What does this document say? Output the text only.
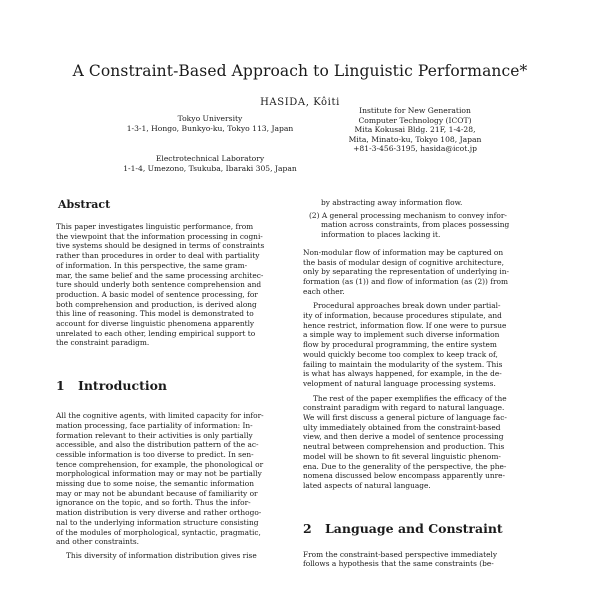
A Constraint-Based Approach to Linguistic Performance*
HASIDA, Kôiti
Tokyo University
1-3-1, Hongo, Bunkyo-ku, Tokyo 113, Japan
Electrotechnical Laboratory
1-1-4, Umezono, Tsukuba, Ibaraki 305, Japan
Institute for New Generation
Computer Technology (ICOT)
Mita Kokusai Bldg. 21F, 1-4-28,
Mita, Minato-ku, Tokyo 108, Japan
+81-3-456-3195, hasida@icot.jp
Abstract
This paper investigates linguistic performance, from
the viewpoint that the information processing in cogni-
tive systems should be designed in terms of constraints
rather than procedures in order to deal with partiality
of information. In this perspective, the same gram-
mar, the same belief and the same processing architec-
ture should underly both sentence comprehension and
production. A basic model of sentence processing, for
both comprehension and production, is derived along
this line of reasoning. This model is demonstrated to
account for diverse linguistic phenomena apparently
unrelated to each other, lending empirical support to
the constraint paradigm.
1 Introduction
All the cognitive agents, with limited capacity for infor-
mation processing, face partiality of information: In-
formation relevant to their activities is only partially
accessible, and also the distribution pattern of the ac-
cessible information is too diverse to predict. In sen-
tence comprehension, for example, the phonological or
morphological information may or may not be partially
missing due to some noise, the semantic information
may or may not be abundant because of familiarity or
ignorance on the topic, and so forth. Thus the infor-
mation distribution is very diverse and rather orthogo-
nal to the underlying information structure consisting
of the modules of morphological, syntactic, pragmatic,
and other constraints.
This diversity of information distribution gives rise
by abstracting away information flow.
(2) A general processing mechanism to convey infor-
mation across constraints, from places possessing
information to places lacking it.
Non-modular flow of information may be captured on
the basis of modular design of cognitive architecture,
only by separating the representation of underlying in-
formation (as (1)) and flow of information (as (2)) from
each other.
Procedural approaches break down under partial-
ity of information, because procedures stipulate, and
hence restrict, information flow. If one were to pursue
a simple way to implement such diverse information
flow by procedural programming, the entire system
would quickly become too complex to keep track of,
failing to maintain the modularity of the system. This
is what has always happened, for example, in the de-
velopment of natural language processing systems.
The rest of the paper exemplifies the efficacy of the
constraint paradigm with regard to natural language.
We will first discuss a general picture of language fac-
ulty immediately obtained from the constraint-based
view, and then derive a model of sentence processing
neutral between comprehension and production. This
model will be shown to fit several linguistic phenom-
ena. Due to the generality of the perspective, the phe-
nomena discussed below encompass apparently unre-
lated aspects of natural language.
2 Language and Constraint
From the constraint-based perspective immediately
follows a hypothesis that the same constraints (be-
